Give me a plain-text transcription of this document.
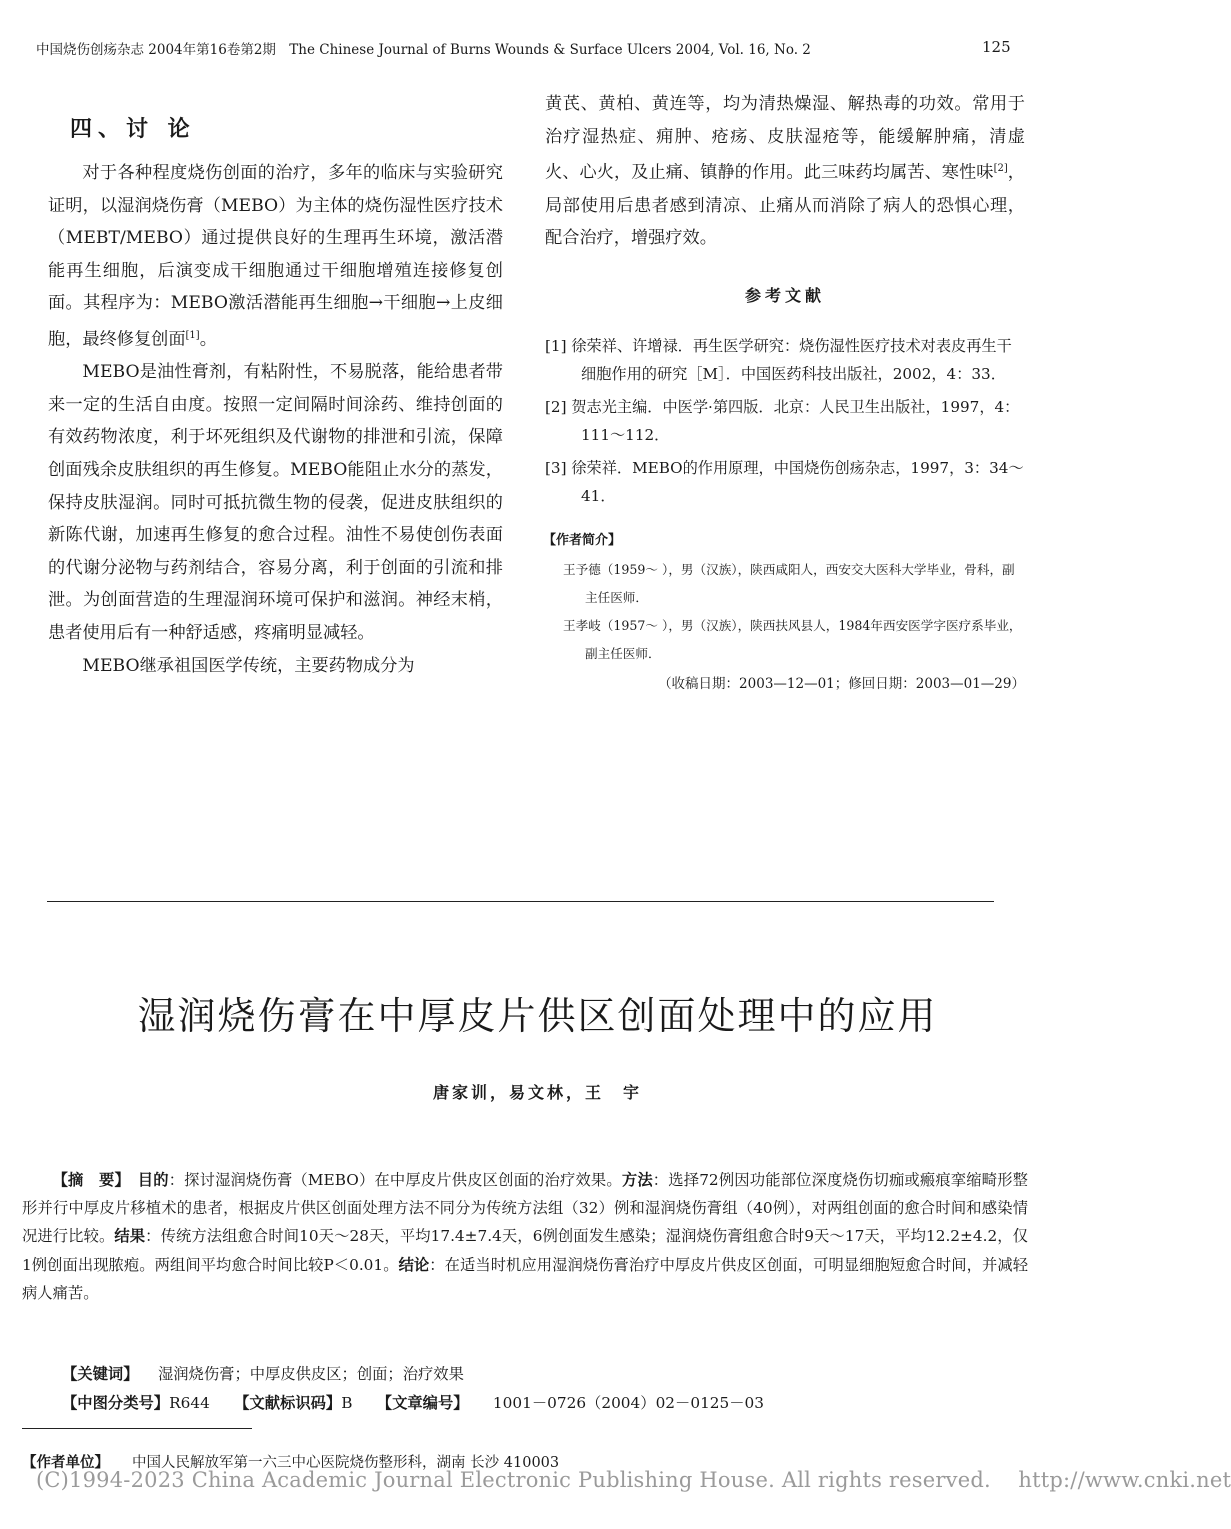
中国烧伤创疡杂志 2004年第16卷第2期 The Chinese Journal of Burns Wounds & Surface Ulcers 2004, Vol. 16, No. 2	125
四、讨 论

对于各种程度烧伤创面的治疗，多年的临床与实验研究证明，以湿润烧伤膏（MEBO）为主体的烧伤湿性医疗技术（MEBT/MEBO）通过提供良好的生理再生环境，激活潜能再生细胞，后演变成干细胞通过干细胞增殖连接修复创面。其程序为：MEBO激活潜能再生细胞→干细胞→上皮细胞，最终修复创面[1]。

MEBO是油性膏剂，有粘附性，不易脱落，能给患者带来一定的生活自由度。按照一定间隔时间涂药、维持创面的有效药物浓度，利于坏死组织及代谢物的排泄和引流，保障创面残余皮肤组织的再生修复。MEBO能阻止水分的蒸发，保持皮肤湿润。同时可抵抗微生物的侵袭，促进皮肤组织的新陈代谢，加速再生修复的愈合过程。油性不易使创伤表面的代谢分泌物与药剂结合，容易分离，利于创面的引流和排泄。为创面营造的生理湿润环境可保护和滋润。神经末梢，患者使用后有一种舒适感，疼痛明显减轻。

MEBO继承祖国医学传统，主要药物成分为

黄芪、黄柏、黄连等，均为清热燥湿、解热毒的功效。常用于治疗湿热症、痈肿、疮疡、皮肤湿疮等，能缓解肿痛，清虚火、心火，及止痛、镇静的作用。此三味药均属苦、寒性味[2]，局部使用后患者感到清凉、止痛从而消除了病人的恐惧心理，配合治疗，增强疗效。

参考文献

[1] 徐荣祥、许增禄．再生医学研究：烧伤湿性医疗技术对表皮再生干细胞作用的研究［M］．中国医药科技出版社，2002，4：33．

[2] 贺志光主编．中医学·第四版．北京：人民卫生出版社，1997，4：111～112．

[3] 徐荣祥．MEBO的作用原理，中国烧伤创疡杂志，1997，3：34～41．

【作者简介】

王予德（1959～ ），男（汉族），陕西咸阳人，西安交大医科大学毕业，骨科，副主任医师．

王孝岐（1957～ ），男（汉族），陕西扶风县人，1984年西安医学字医疗系毕业，副主任医师．

（收稿日期：2003—12—01；修回日期：2003—01—29）
湿润烧伤膏在中厚皮片供区创面处理中的应用
唐家训，易文林，王　宇
【摘　要】　 目的：探讨湿润烧伤膏（MEBO）在中厚皮片供皮区创面的治疗效果。方法：选择72例因功能部位深度烧伤切痂或瘢痕挛缩畸形整形并行中厚皮片移植术的患者，根据皮片供区创面处理方法不同分为传统方法组（32）例和湿润烧伤膏组（40例），对两组创面的愈合时间和感染情况进行比较。结果：传统方法组愈合时间10天～28天，平均17.4±7.4天，6例创面发生感染；湿润烧伤膏组愈合时9天～17天，平均12.2±4.2，仅1例创面出现脓疱。两组间平均愈合时间比较P＜0.01。结论：在适当时机应用湿润烧伤膏治疗中厚皮片供皮区创面，可明显细胞短愈合时间，并减轻病人痛苦。
【关键词】 湿润烧伤膏；中厚皮供皮区；创面；治疗效果
【中图分类号】R644 【文献标识码】B 【文章编号】 1001－0726（2004）02－0125－03
【作者单位】 中国人民解放军第一六三中心医院烧伤整形科，湖南 长沙 410003
(C)1994-2023 China Academic Journal Electronic Publishing House. All rights reserved. http://www.cnki.net
